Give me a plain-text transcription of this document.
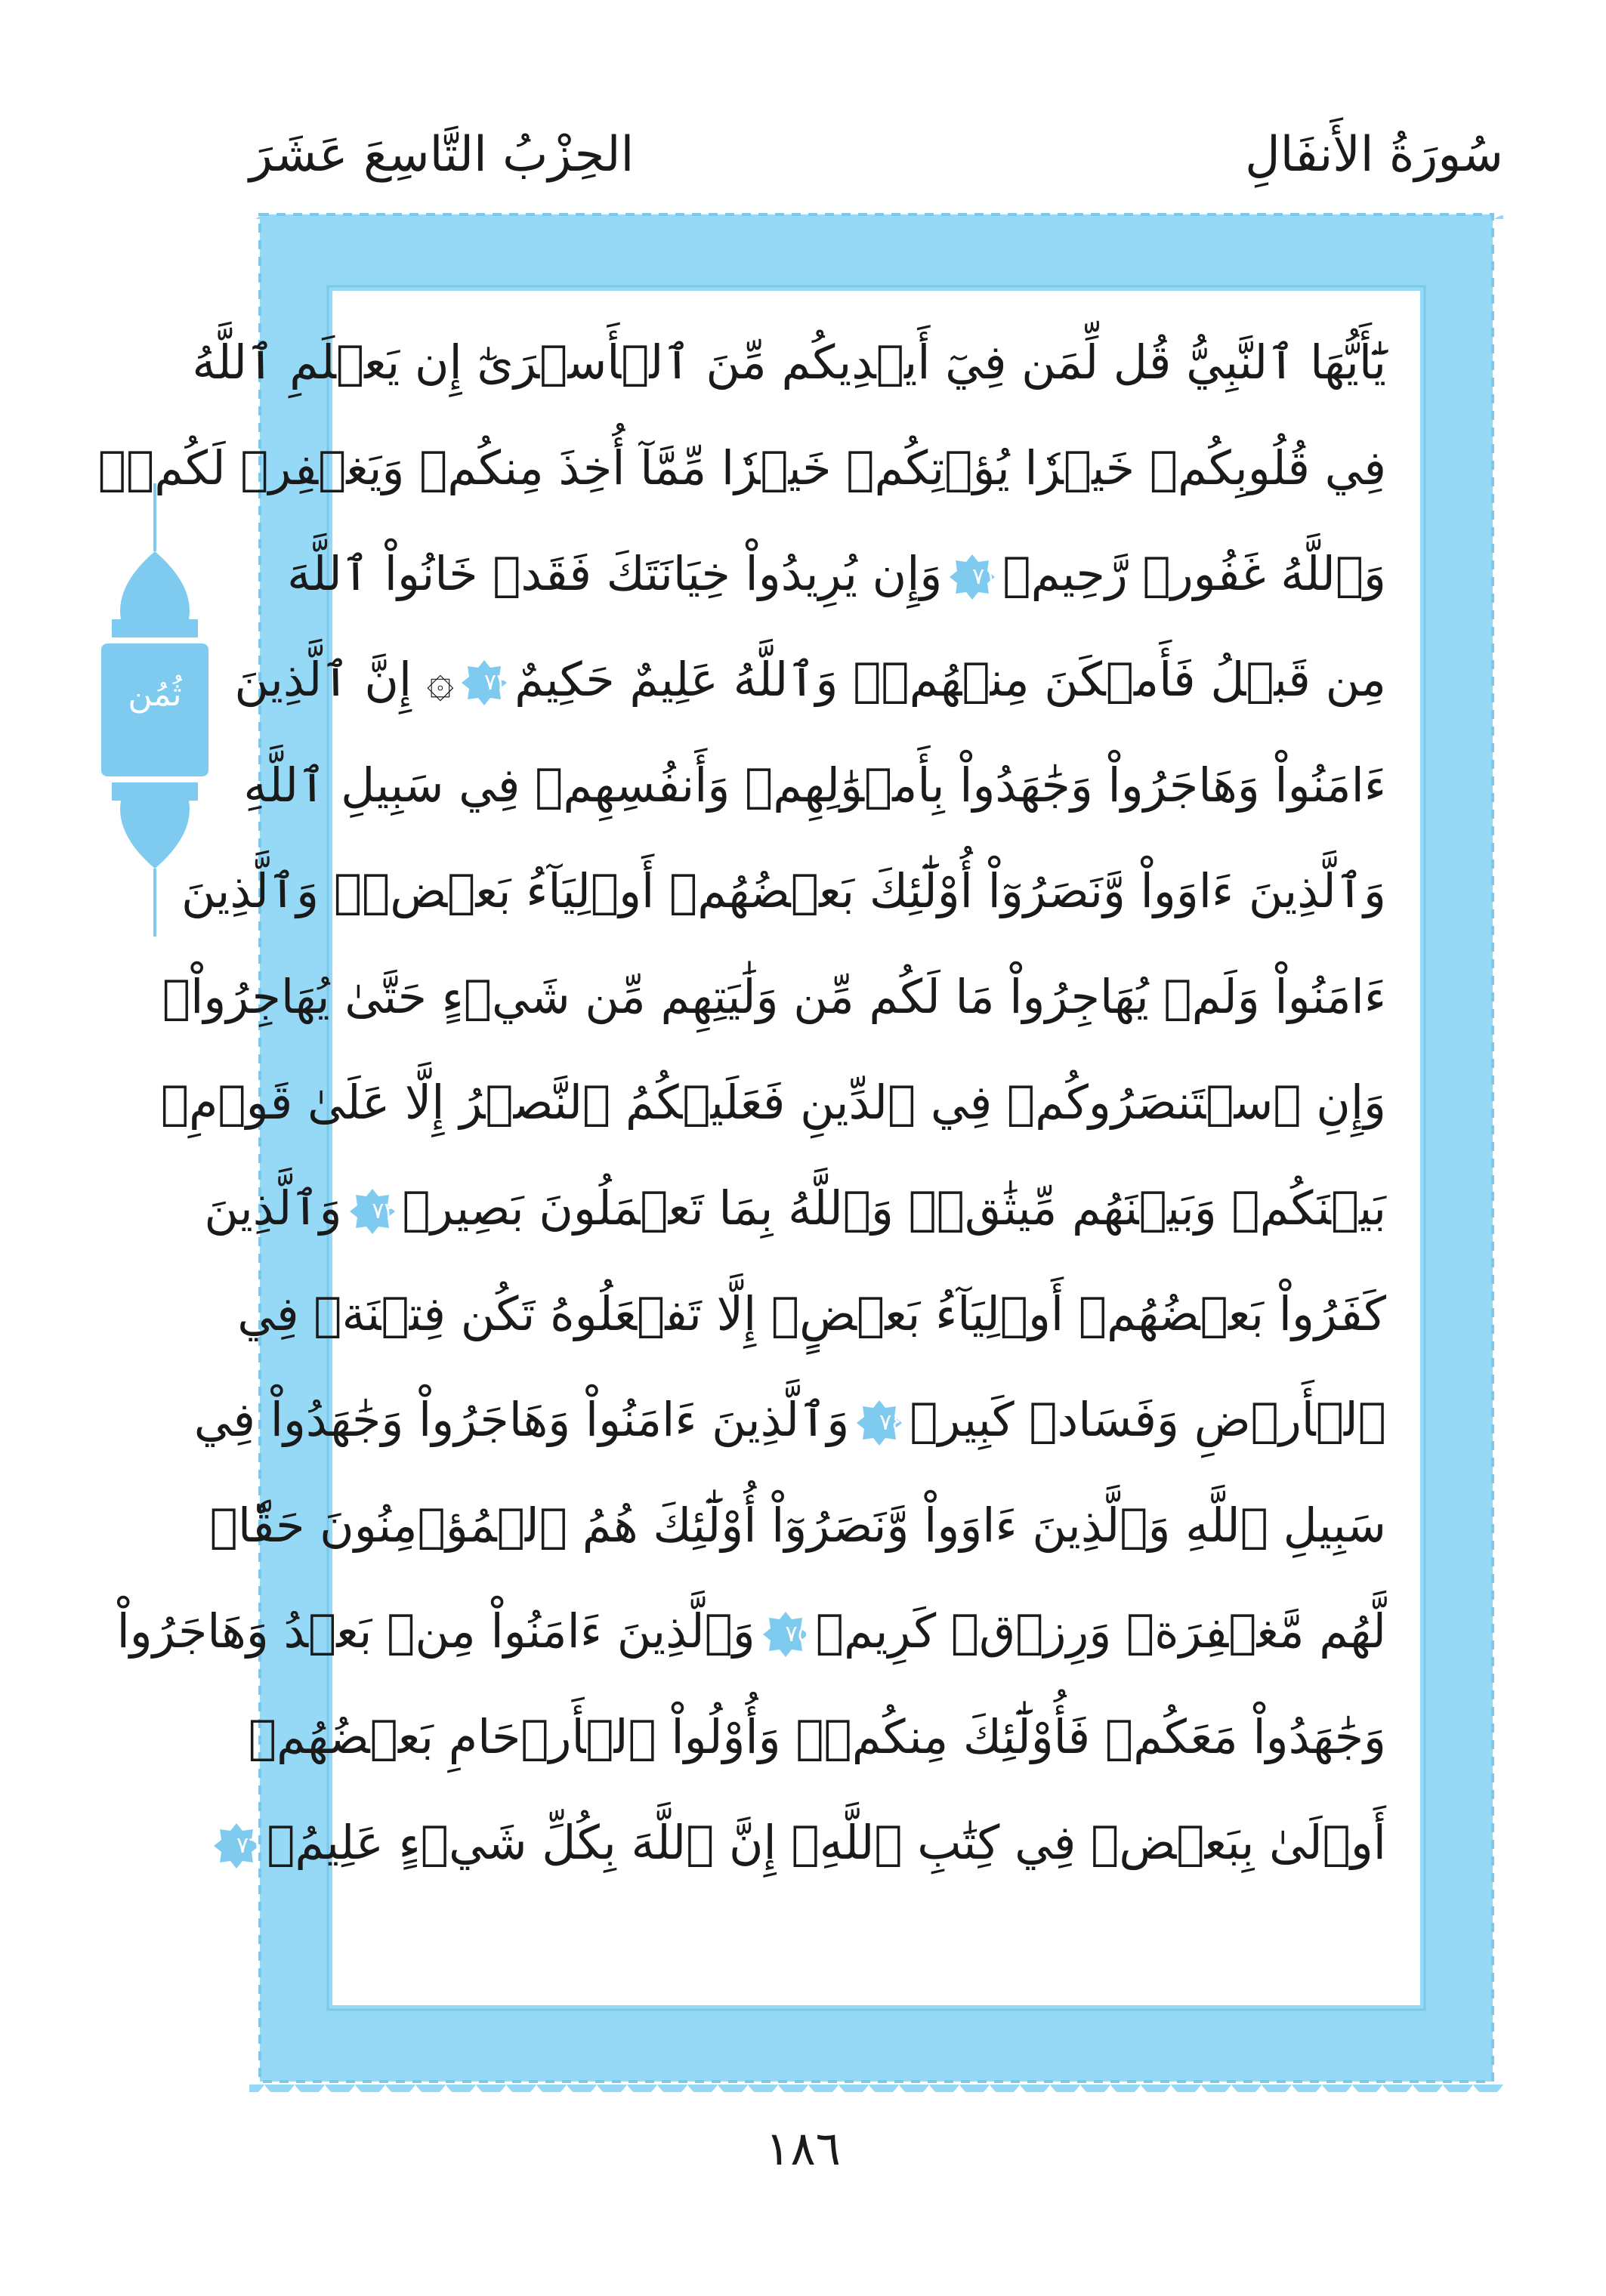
سُورَةُ الأَنفَالِ
الحِزْبُ التَّاسِعَ عَشَرَ
ثُمُن
يَٰٓأَيُّهَا ٱلنَّبِيُّ قُل لِّمَن فِيٓ أَيۡدِيكُم مِّنَ ٱلۡأَسۡرَىٰٓ إِن يَعۡلَمِ ٱللَّهُ
فِي قُلُوبِكُمۡ خَيۡرٗا يُؤۡتِكُمۡ خَيۡرٗا مِّمَّآ أُخِذَ مِنكُمۡ وَيَغۡفِرۡ لَكُمۡۚ
وَٱللَّهُ غَفُورٞ رَّحِيمٞ
٧١وَإِن يُرِيدُواْ خِيَانَتَكَ فَقَدۡ خَانُواْ ٱللَّهَ
مِن قَبۡلُ فَأَمۡكَنَ مِنۡهُمۡۗ وَٱللَّهُ عَلِيمٌ حَكِيمٌ
٧٢۞ إِنَّ ٱلَّذِينَ
ءَامَنُواْ وَهَاجَرُواْ وَجَٰهَدُواْ بِأَمۡوَٰلِهِمۡ وَأَنفُسِهِمۡ فِي سَبِيلِ ٱللَّهِ
وَٱلَّذِينَ ءَاوَواْ وَّنَصَرُوٓاْ أُوْلَٰٓئِكَ بَعۡضُهُمۡ أَوۡلِيَآءُ بَعۡضٖۚ وَٱلَّذِينَ
ءَامَنُواْ وَلَمۡ يُهَاجِرُواْ مَا لَكُم مِّن وَلَٰيَتِهِم مِّن شَيۡءٍ حَتَّىٰ يُهَاجِرُواْۚ
وَإِنِ ٱسۡتَنصَرُوكُمۡ فِي ٱلدِّينِ فَعَلَيۡكُمُ ٱلنَّصۡرُ إِلَّا عَلَىٰ قَوۡمِۭ
بَيۡنَكُمۡ وَبَيۡنَهُم مِّيثَٰقٞۗ وَٱللَّهُ بِمَا تَعۡمَلُونَ بَصِيرٞ
٧٣وَٱلَّذِينَ
كَفَرُواْ بَعۡضُهُمۡ أَوۡلِيَآءُ بَعۡضٍۚ إِلَّا تَفۡعَلُوهُ تَكُن فِتۡنَةٞ فِي
ٱلۡأَرۡضِ وَفَسَادٞ كَبِيرٞ
٧٤وَٱلَّذِينَ ءَامَنُواْ وَهَاجَرُواْ وَجَٰهَدُواْ فِي
سَبِيلِ ٱللَّهِ وَٱلَّذِينَ ءَاوَواْ وَّنَصَرُوٓاْ أُوْلَٰٓئِكَ هُمُ ٱلۡمُؤۡمِنُونَ حَقّٗاۚ
لَّهُم مَّغۡفِرَةٞ وَرِزۡقٞ كَرِيمٞ
٧٥وَٱلَّذِينَ ءَامَنُواْ مِنۢ بَعۡدُ وَهَاجَرُواْ
وَجَٰهَدُواْ مَعَكُمۡ فَأُوْلَٰٓئِكَ مِنكُمۡۚ وَأُوْلُواْ ٱلۡأَرۡحَامِ بَعۡضُهُمۡ
أَوۡلَىٰ بِبَعۡضٖ فِي كِتَٰبِ ٱللَّهِۚ إِنَّ ٱللَّهَ بِكُلِّ شَيۡءٍ عَلِيمُۢ
٧٦
١٨٦
